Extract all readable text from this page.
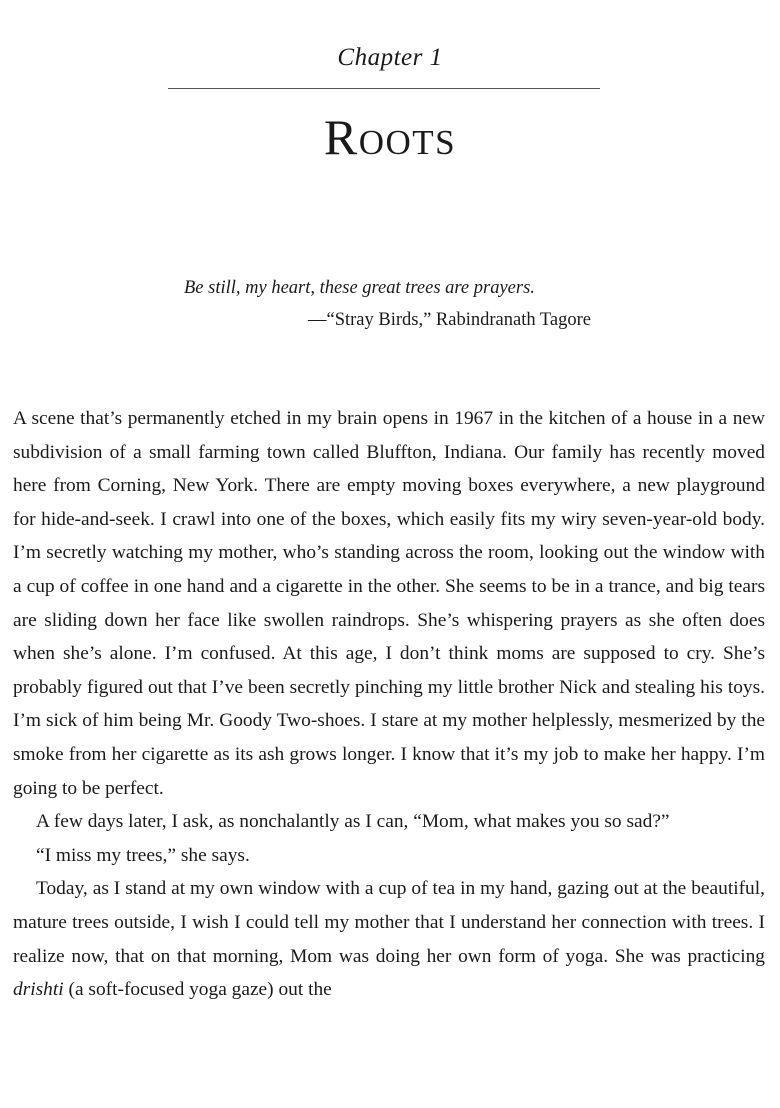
Chapter 1
Roots

Be still, my heart, these great trees are prayers.

—“Stray Birds,” Rabindranath Tagore

A scene that’s permanently etched in my brain opens in 1967 in the kitchen of a house in a new subdivision of a small farming town called Bluffton, Indiana. Our family has recently moved here from Corning, New York. There are empty moving boxes everywhere, a new playground for hide-and-seek. I crawl into one of the boxes, which easily fits my wiry seven-year-old body. I’m secretly watching my mother, who’s standing across the room, looking out the window with a cup of coffee in one hand and a cigarette in the other. She seems to be in a trance, and big tears are sliding down her face like swollen raindrops. She’s whispering prayers as she often does when she’s alone. I’m confused. At this age, I don’t think moms are supposed to cry. She’s probably figured out that I’ve been secretly pinching my little brother Nick and stealing his toys. I’m sick of him being Mr. Goody Two-shoes. I stare at my mother helplessly, mesmerized by the smoke from her cigarette as its ash grows longer. I know that it’s my job to make her happy. I’m going to be perfect.

A few days later, I ask, as nonchalantly as I can, “Mom, what makes you so sad?”

“I miss my trees,” she says.

Today, as I stand at my own window with a cup of tea in my hand, gazing out at the beautiful, mature trees outside, I wish I could tell my mother that I understand her connection with trees. I realize now, that on that morning, Mom was doing her own form of yoga. She was practicing drishti (a soft-focused yoga gaze) out the
